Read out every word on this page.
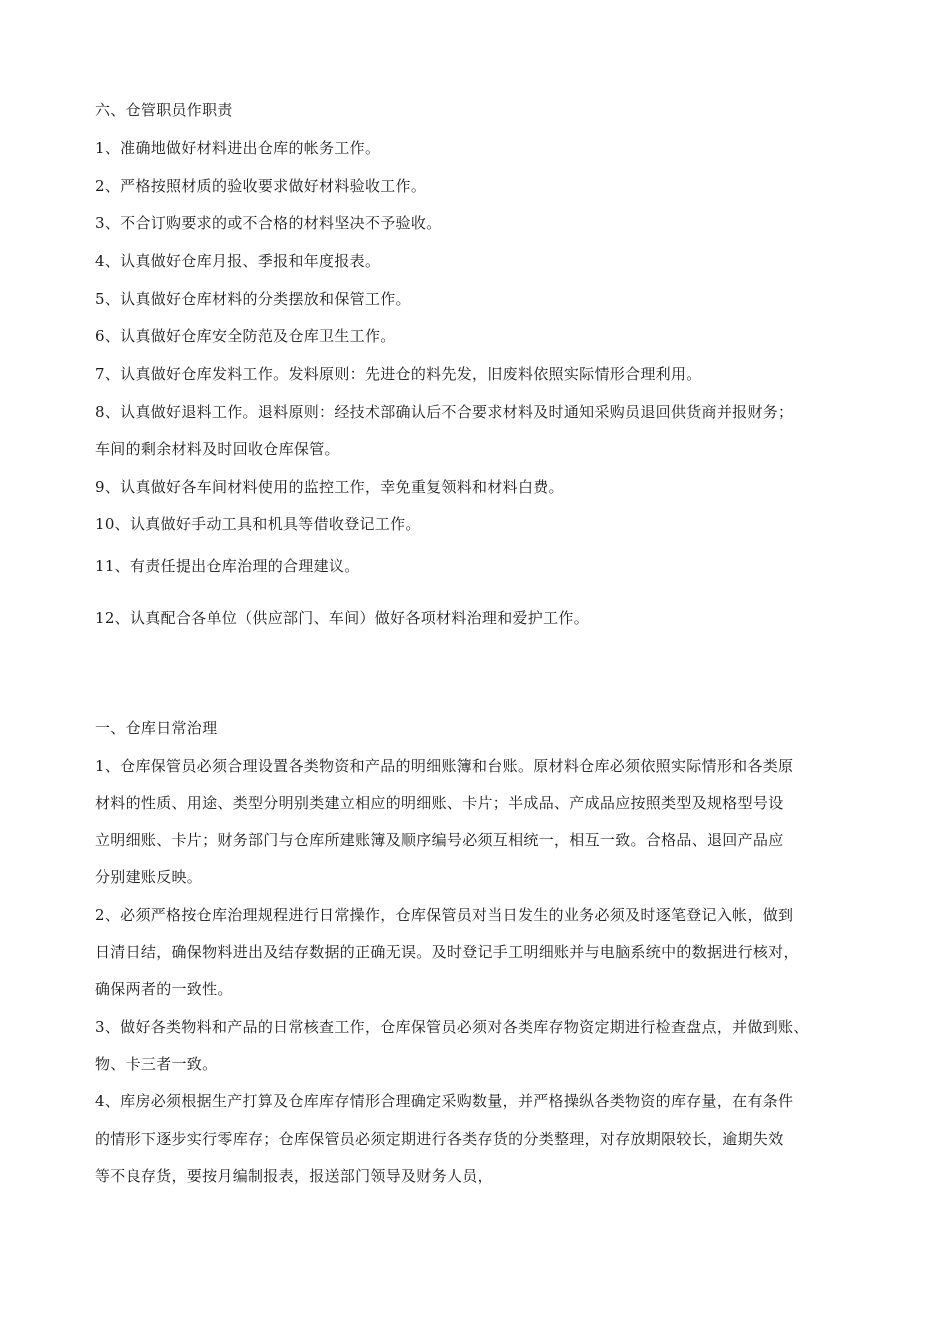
六、仓管职员作职责
1、准确地做好材料进出仓库的帐务工作。
2、严格按照材质的验收要求做好材料验收工作。
3、不合订购要求的或不合格的材料坚决不予验收。
4、认真做好仓库月报、季报和年度报表。
5、认真做好仓库材料的分类摆放和保管工作。
6、认真做好仓库安全防范及仓库卫生工作。
7、认真做好仓库发料工作。发料原则：先进仓的料先发，旧废料依照实际情形合理利用。
8、认真做好退料工作。退料原则：经技术部确认后不合要求材料及时通知采购员退回供货商并报财务；
车间的剩余材料及时回收仓库保管。
9、认真做好各车间材料使用的监控工作，幸免重复领料和材料白费。
10、认真做好手动工具和机具等借收登记工作。
11、有责任提出仓库治理的合理建议。
12、认真配合各单位（供应部门、车间）做好各项材料治理和爱护工作。
一、仓库日常治理
1、仓库保管员必须合理设置各类物资和产品的明细账簿和台账。原材料仓库必须依照实际情形和各类原
材料的性质、用途、类型分明别类建立相应的明细账、卡片；半成品、产成品应按照类型及规格型号设
立明细账、卡片；财务部门与仓库所建账簿及顺序编号必须互相统一，相互一致。合格品、退回产品应
分别建账反映。
2、必须严格按仓库治理规程进行日常操作，仓库保管员对当日发生的业务必须及时逐笔登记入帐，做到
日清日结，确保物料进出及结存数据的正确无误。及时登记手工明细账并与电脑系统中的数据进行核对，
确保两者的一致性。
3、做好各类物料和产品的日常核查工作，仓库保管员必须对各类库存物资定期进行检查盘点，并做到账、
物、卡三者一致。
4、库房必须根据生产打算及仓库库存情形合理确定采购数量，并严格操纵各类物资的库存量，在有条件
的情形下逐步实行零库存；仓库保管员必须定期进行各类存货的分类整理，对存放期限较长，逾期失效
等不良存货，要按月编制报表，报送部门领导及财务人员，
